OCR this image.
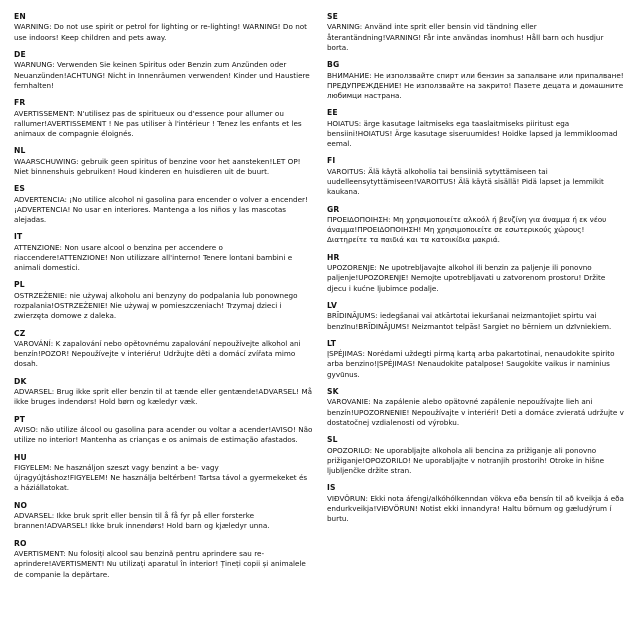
EN
WARNING: Do not use spirit or petrol for lighting or re-lighting! WARNING! Do not use indoors! Keep children and pets away.
DE
WARNUNG: Verwenden Sie keinen Spiritus oder Benzin zum Anzünden oder Neuanzünden!ACHTUNG! Nicht in Innenräumen verwenden! Kinder und Haustiere fernhalten!
FR
AVERTISSEMENT: N'utilisez pas de spiritueux ou d'essence pour allumer ou rallumer!AVERTISSEMENT ! Ne pas utiliser à l'intérieur ! Tenez les enfants et les animaux de compagnie éloignés.
NL
WAARSCHUWING: gebruik geen spiritus of benzine voor het aansteken!LET OP! Niet binnenshuis gebruiken! Houd kinderen en huisdieren uit de buurt.
ES
ADVERTENCIA: ¡No utilice alcohol ni gasolina para encender o volver a encender!¡ADVERTENCIA! No usar en interiores. Mantenga a los niños y las mascotas alejadas.
IT
ATTENZIONE: Non usare alcool o benzina per accendere o riaccendere!ATTENZIONE! Non utilizzare all'interno! Tenere lontani bambini e animali domestici.
PL
OSTRZEŻENIE: nie używaj alkoholu ani benzyny do podpalania lub ponownego rozpalania!OSTRZEŻENIE! Nie używaj w pomieszczeniach! Trzymaj dzieci i zwierzęta domowe z daleka.
CZ
VAROVÁNÍ: K zapalování nebo opětovnému zapalování nepoužívejte alkohol ani benzín!POZOR! Nepoužívejte v interiéru! Udržujte děti a domácí zvířata mimo dosah.
DK
ADVARSEL: Brug ikke sprit eller benzin til at tænde eller gentænde!ADVARSEL! Må ikke bruges indendørs! Hold børn og kæledyr væk.
PT
AVISO: não utilize álcool ou gasolina para acender ou voltar a acender!AVISO! Não utilize no interior! Mantenha as crianças e os animais de estimação afastados.
HU
FIGYELEM: Ne használjon szeszt vagy benzint a be- vagy újragyújtáshoz!FIGYELEM! Ne használja beltérben! Tartsa távol a gyermekeket és a háziállatokat.
NO
ADVARSEL: Ikke bruk sprit eller bensin til å få fyr på eller forsterke brannen!ADVARSEL! Ikke bruk innendørs! Hold barn og kjæledyr unna.
RO
AVERTISMENT: Nu folosiți alcool sau benzină pentru aprindere sau re-aprindere!AVERTISMENT! Nu utilizați aparatul în interior! Țineți copii și animalele de companie la depărtare.
SE
VARNING: Använd inte sprit eller bensin vid tändning eller återantändning!VARNING! Får inte användas inomhus! Håll barn och husdjur borta.
BG
ВНИМАНИЕ: Не използвайте спирт или бензин за запалване или припалване!ПРЕДУПРЕЖДЕНИЕ! Не използвайте на закрито! Пазете децата и домашните любимци настрана.
EE
HOIATUS: ärge kasutage laitmiseks ega taaslaitmiseks piiritust ega bensiini!HOIATUS! Ärge kasutage siseruumides! Hoidke lapsed ja lemmikloomad eemal.
FI
VAROITUS: Älä käytä alkoholia tai bensiiniä sytyttämiseen tai uudelleensytyttämiseen!VAROITUS! Älä käytä sisällä! Pidä lapset ja lemmikit kaukana.
GR
ΠΡΟΕΙΔΟΠΟΙΗΣΗ: Μη χρησιμοποιείτε αλκοόλ ή βενζίνη για άναμμα ή εκ νέου άναμμα!ΠΡΟΕΙΔΟΠΟΙΗΣΗ! Μη χρησιμοποιείτε σε εσωτερικούς χώρους! Διατηρείτε τα παιδιά και τα κατοικίδια μακριά.
HR
UPOZORENJE: Ne upotrebljavajte alkohol ili benzin za paljenje ili ponovno paljenje!UPOZORENJE! Nemojte upotrebljavati u zatvorenom prostoru! Držite djecu i kućne ljubimce podalje.
LV
BRĪDINĀJUMS: iedegšanai vai atkārtotai iekuršanai neizmantojiet spirtu vai benzīnu!BRĪDINĀJUMS! Neizmantot telpās! Sargiet no bērniem un dzīvniekiem.
LT
ĮSPĖJIMAS: Norėdami uždegti pirmą kartą arba pakartotinai, nenaudokite spirito arba benzino!ĮSPĖJIMAS! Nenaudokite patalpose! Saugokite vaikus ir naminius gyvūnus.
SK
VAROVANIE: Na zapálenie alebo opätovné zapálenie nepoužívajte lieh ani benzín!UPOZORNENIE! Nepoužívajte v interiéri! Deti a domáce zvieratá udržujte v dostatočnej vzdialenosti od výrobku.
SL
OPOZORILO: Ne uporabljajte alkohola ali bencina za prižiganje ali ponovno prižiganje!OPOZORILO! Ne uporabljajte v notranjih prostorih! Otroke in hišne ljubljenčke držite stran.
IS
VIÐVÖRUN: Ekki nota áfengi/alkóhólkenndan vökva eða bensín til að kveikja á eða endurkveikja!VIÐVÖRUN! Notist ekki innandyra! Haltu börnum og gæludýrum í burtu.
